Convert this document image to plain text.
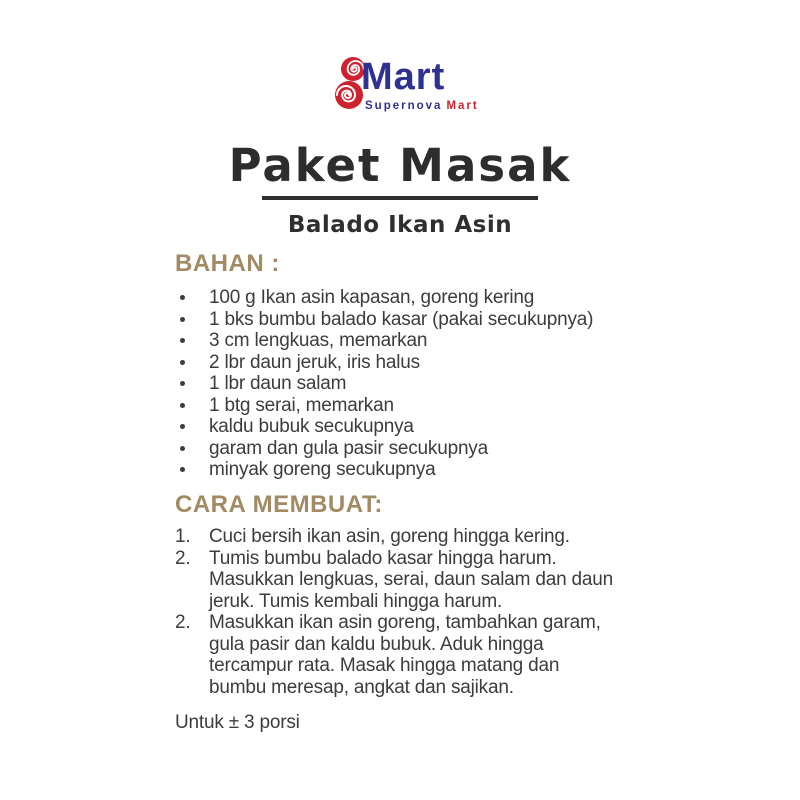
Mart
Supernova Mart
Paket Masak
Balado Ikan Asin
BAHAN :
100 g Ikan asin kapasan, goreng kering
1 bks bumbu balado kasar (pakai secukupnya)
3 cm lengkuas, memarkan
2 lbr daun jeruk, iris halus
1 lbr daun salam
1 btg serai, memarkan
kaldu bubuk secukupnya
garam dan gula pasir secukupnya
minyak goreng secukupnya
CARA MEMBUAT:
1. Cuci bersih ikan asin, goreng hingga kering.
2. Tumis bumbu balado kasar hingga harum. Masukkan lengkuas, serai, daun salam dan daun jeruk. Tumis kembali hingga harum.
2. Masukkan ikan asin goreng, tambahkan garam, gula pasir dan kaldu bubuk. Aduk hingga tercampur rata. Masak hingga matang dan bumbu meresap, angkat dan sajikan.
Untuk ± 3 porsi
